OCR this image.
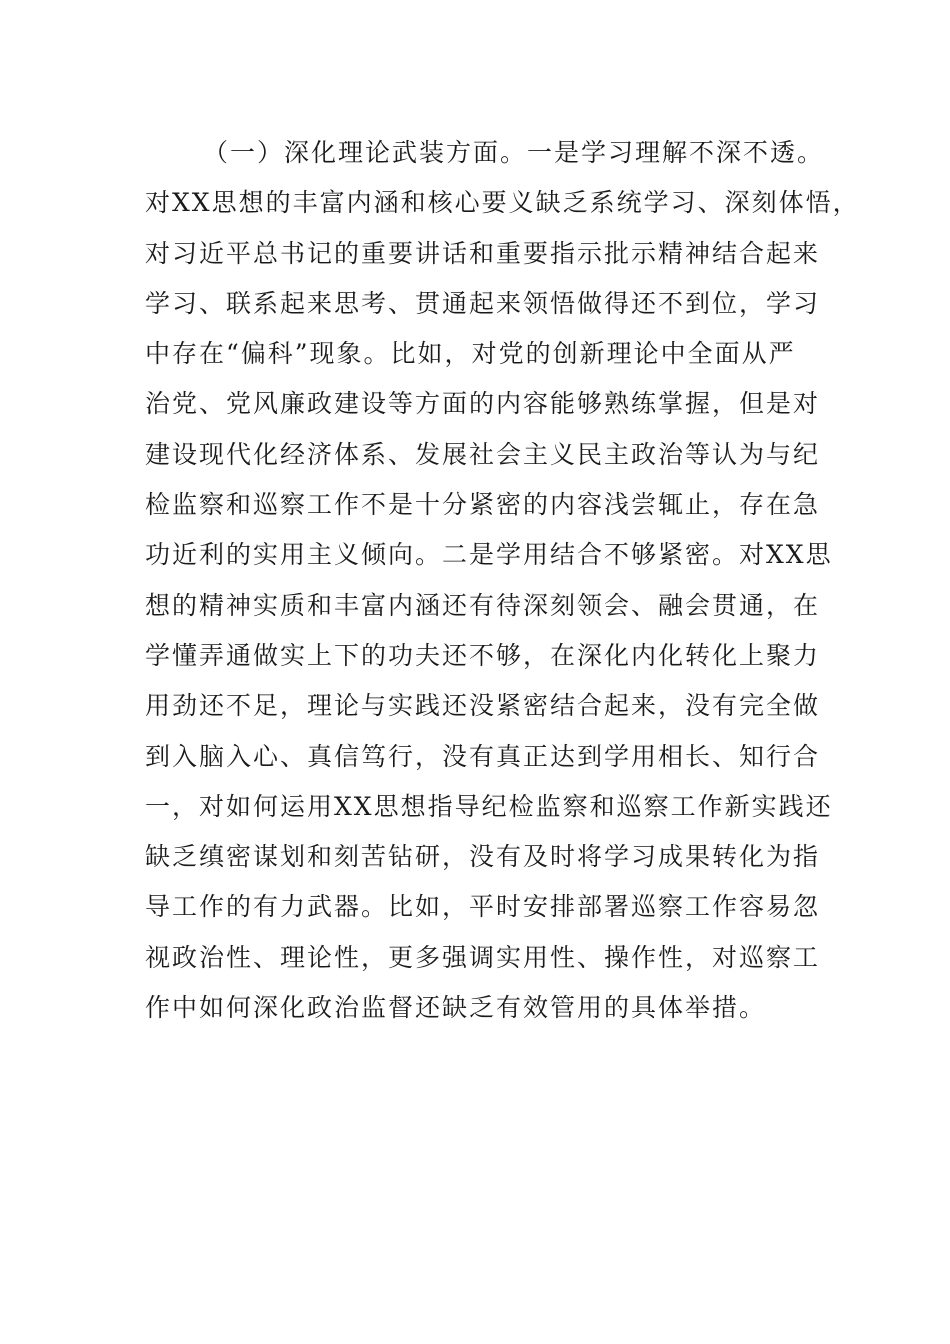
（一）深化理论武装方面。一是学习理解不深不透。
对XX思想的丰富内涵和核心要义缺乏系统学习、深刻体悟，
对习近平总书记的重要讲话和重要指示批示精神结合起来
学习、联系起来思考、贯通起来领悟做得还不到位，学习
中存在“偏科”现象。比如，对党的创新理论中全面从严
治党、党风廉政建设等方面的内容能够熟练掌握，但是对
建设现代化经济体系、发展社会主义民主政治等认为与纪
检监察和巡察工作不是十分紧密的内容浅尝辄止，存在急
功近利的实用主义倾向。二是学用结合不够紧密。对XX思
想的精神实质和丰富内涵还有待深刻领会、融会贯通，在
学懂弄通做实上下的功夫还不够，在深化内化转化上聚力
用劲还不足，理论与实践还没紧密结合起来，没有完全做
到入脑入心、真信笃行，没有真正达到学用相长、知行合
一，对如何运用XX思想指导纪检监察和巡察工作新实践还
缺乏缜密谋划和刻苦钻研，没有及时将学习成果转化为指
导工作的有力武器。比如，平时安排部署巡察工作容易忽
视政治性、理论性，更多强调实用性、操作性，对巡察工
作中如何深化政治监督还缺乏有效管用的具体举措。
